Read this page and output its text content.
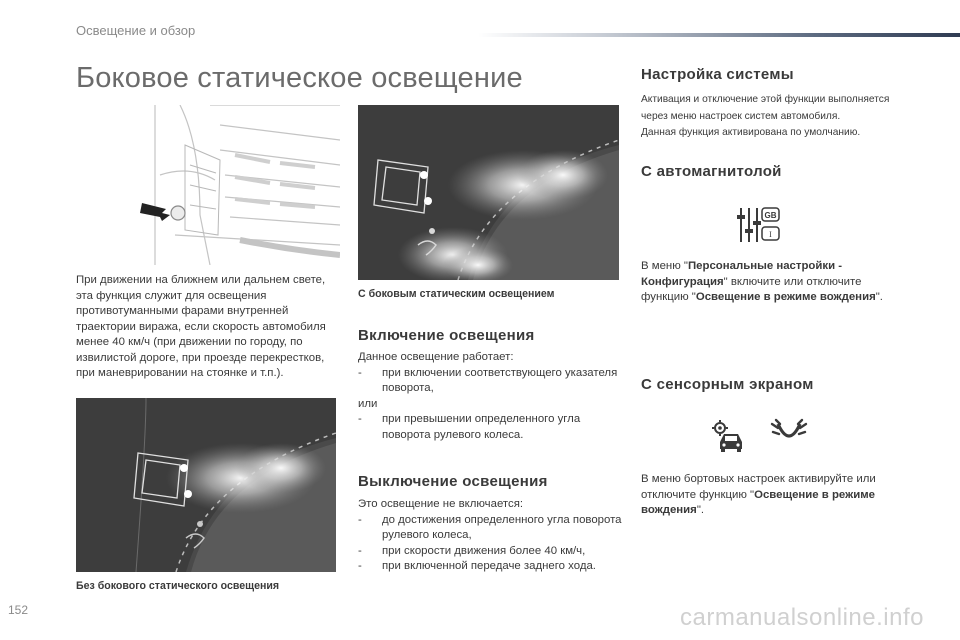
Освещение и обзор
Боковое статическое освещение
При движении на ближнем или дальнем свете, эта функция служит для освещения противотуманными фарами внутренней траектории виража, если скорость автомобиля менее 40 км/ч (при движении по городу, по извилистой дороге, при проезде перекрестков, при маневрировании на стоянке и т.п.).
Без бокового статического освещения
С боковым статическим освещением
Включение освещения
Данное освещение работает:
- при включении соответствующего указателя поворота,
или
- при превышении определенного угла поворота рулевого колеса.
Выключение освещения
Это освещение не включается:
- до достижения определенного угла поворота рулевого колеса,
- при скорости движения более 40 км/ч,
- при включенной передаче заднего хода.
Настройка системы
Активация и отключение этой функции выполняется
через меню настроек систем автомобиля.
Данная функция активирована по умолчанию.
С автомагнитолой
GB
I
В меню "Персональные настройки - Конфигурация" включите или отключите функцию "Освещение в режиме вождения".
С сенсорным экраном
В меню бортовых настроек активируйте или отключите функцию "Освещение в режиме вождения".
152	carmanualsonline.info
